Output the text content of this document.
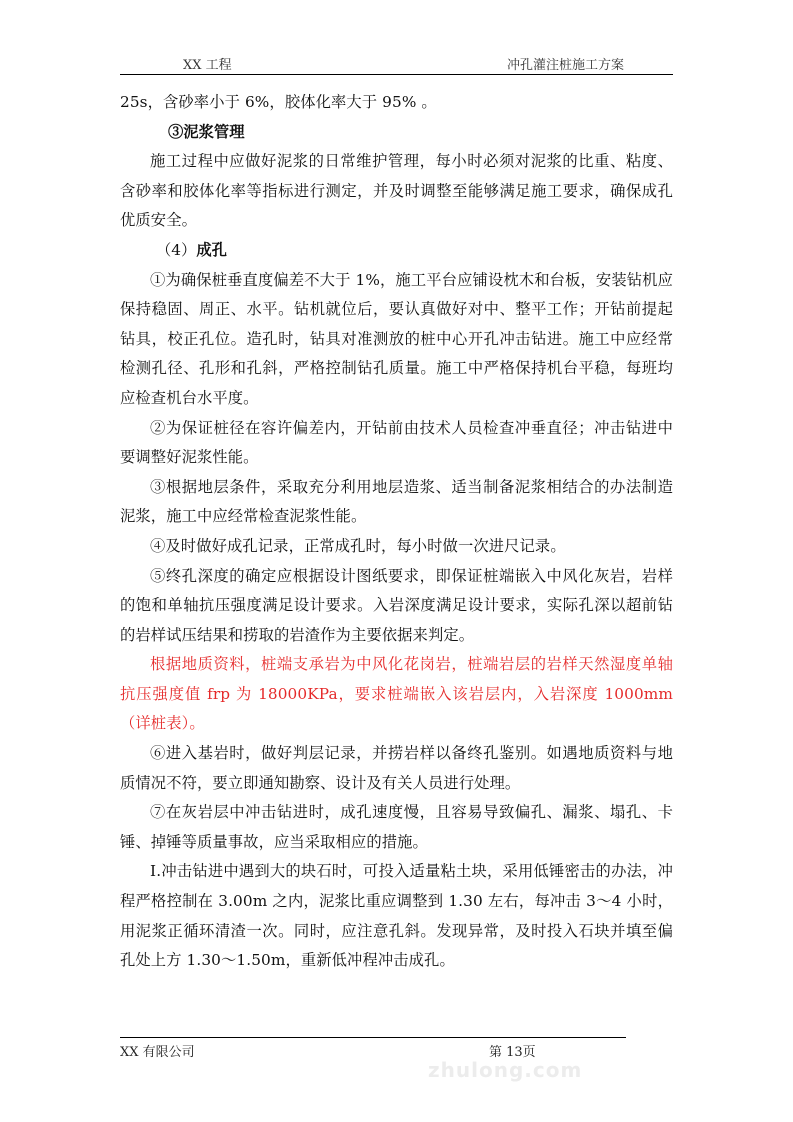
XX 工程	冲孔灌注桩施工方案

25s，含砂率小于 6%，胶体化率大于 95% 。

③泥浆管理

施工过程中应做好泥浆的日常维护管理，每小时必须对泥浆的比重、粘度、含砂率和胶体化率等指标进行测定，并及时调整至能够满足施工要求，确保成孔优质安全。

（4）成孔

①为确保桩垂直度偏差不大于 1%，施工平台应铺设枕木和台板，安装钻机应保持稳固、周正、水平。钻机就位后，要认真做好对中、整平工作；开钻前提起钻具，校正孔位。造孔时，钻具对准测放的桩中心开孔冲击钻进。施工中应经常检测孔径、孔形和孔斜，严格控制钻孔质量。施工中严格保持机台平稳，每班均应检查机台水平度。

②为保证桩径在容许偏差内，开钻前由技术人员检查冲垂直径；冲击钻进中要调整好泥浆性能。

③根据地层条件，采取充分利用地层造浆、适当制备泥浆相结合的办法制造泥浆，施工中应经常检查泥浆性能。

④及时做好成孔记录，正常成孔时，每小时做一次进尺记录。

⑤终孔深度的确定应根据设计图纸要求，即保证桩端嵌入中风化灰岩，岩样的饱和单轴抗压强度满足设计要求。入岩深度满足设计要求，实际孔深以超前钻的岩样试压结果和捞取的岩渣作为主要依据来判定。

根据地质资料，桩端支承岩为中风化花岗岩，桩端岩层的岩样天然湿度单轴抗压强度值 frp 为 18000KPa，要求桩端嵌入该岩层内，入岩深度 1000mm（详桩表）。

⑥进入基岩时，做好判层记录，并捞岩样以备终孔鉴别。如遇地质资料与地质情况不符，要立即通知勘察、设计及有关人员进行处理。

⑦在灰岩层中冲击钻进时，成孔速度慢，且容易导致偏孔、漏浆、塌孔、卡锤、掉锤等质量事故，应当采取相应的措施。

Ⅰ.冲击钻进中遇到大的块石时，可投入适量粘土块，采用低锤密击的办法，冲程严格控制在 3.00m 之内，泥浆比重应调整到 1.30 左右，每冲击 3～4 小时，用泥浆正循环清渣一次。同时，应注意孔斜。发现异常，及时投入石块并填至偏孔处上方 1.30～1.50m，重新低冲程冲击成孔。

XX 有限公司	第 13页
zhulong.com
